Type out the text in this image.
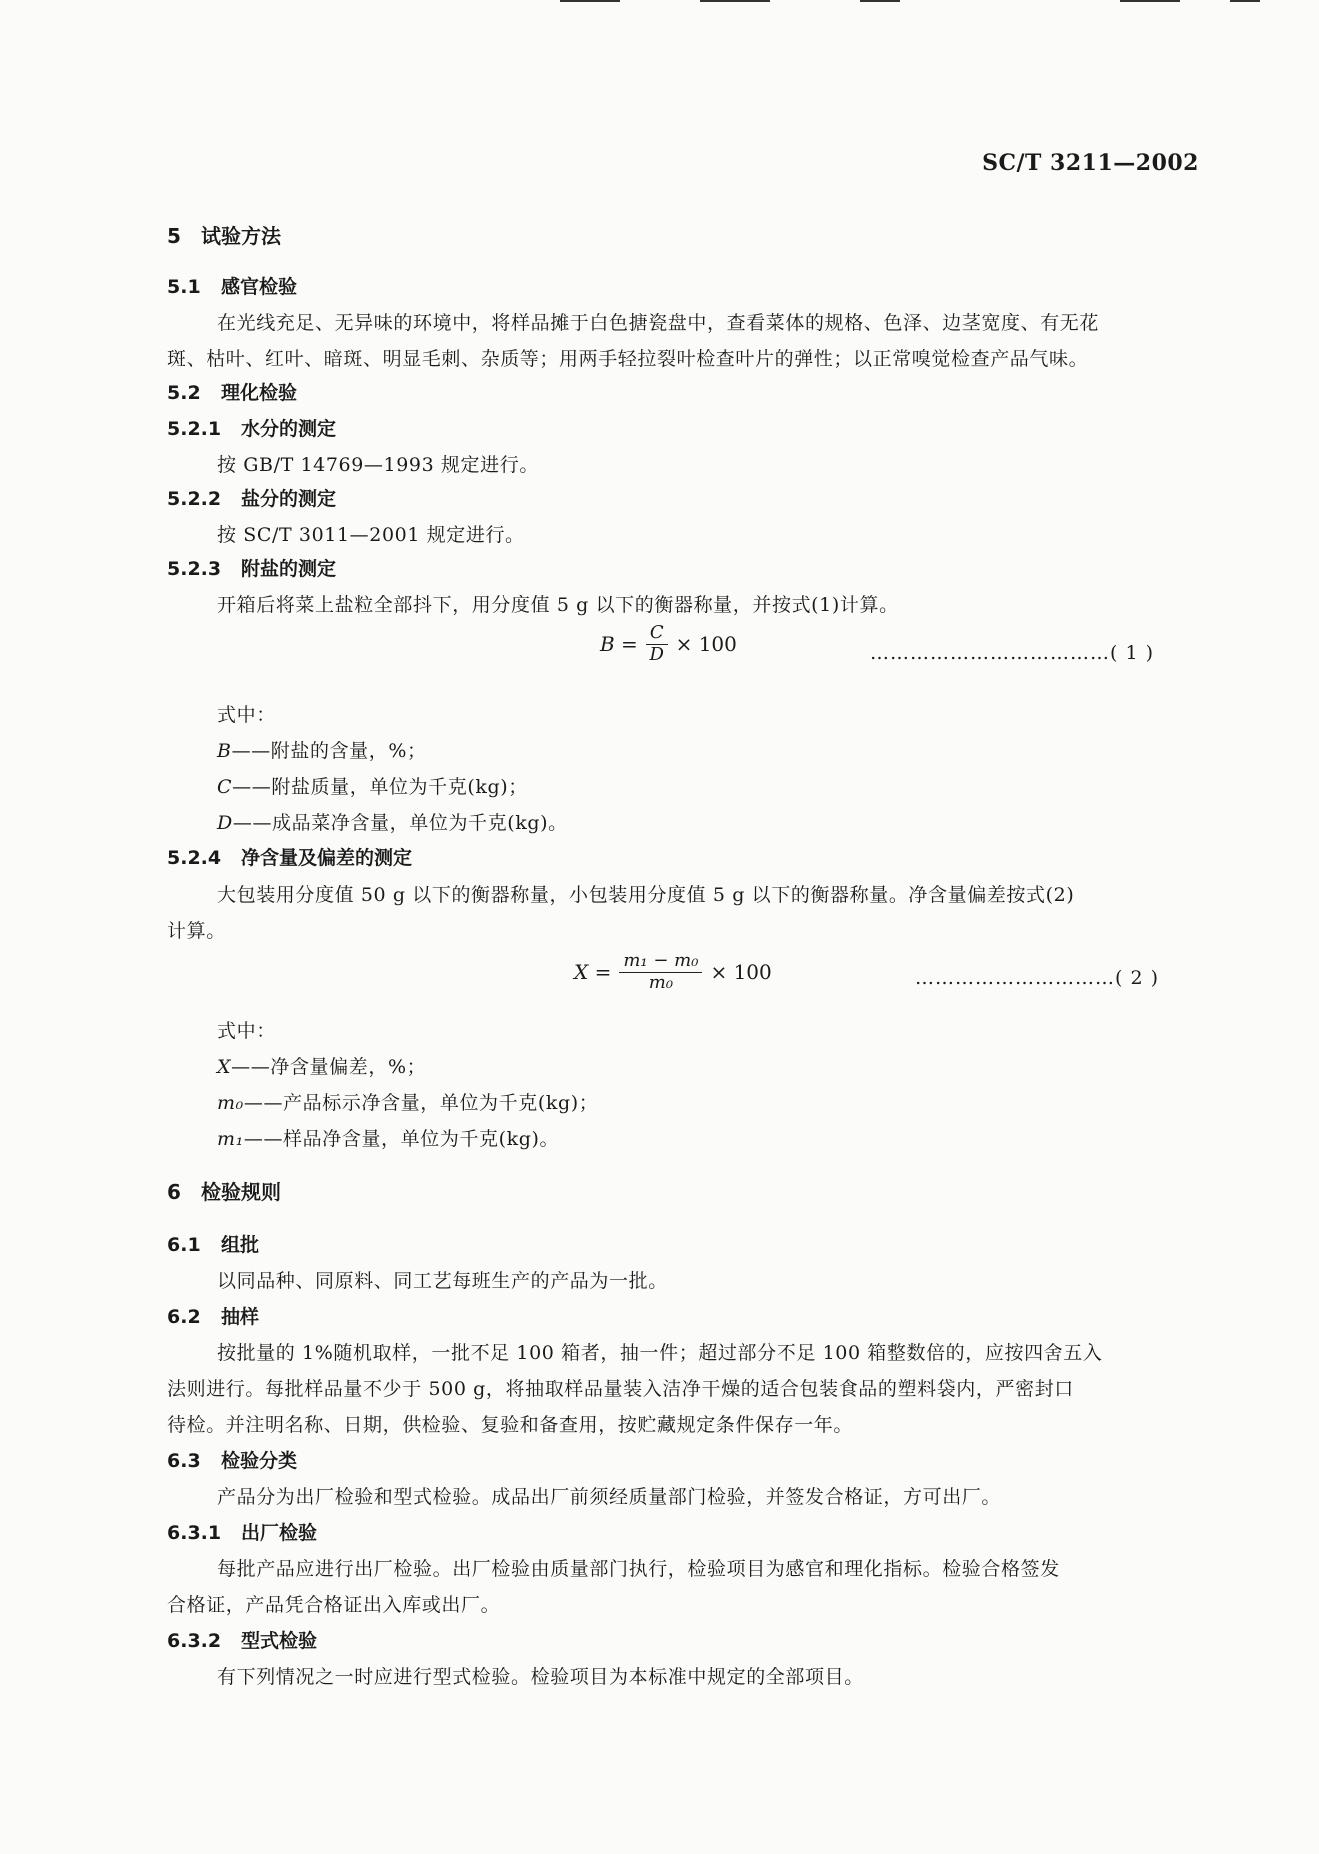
SC/T 3211—2002
5 试验方法
5.1 感官检验
在光线充足、无异味的环境中，将样品摊于白色搪瓷盘中，查看菜体的规格、色泽、边茎宽度、有无花
斑、枯叶、红叶、暗斑、明显毛刺、杂质等；用两手轻拉裂叶检查叶片的弹性；以正常嗅觉检查产品气味。
5.2 理化检验
5.2.1 水分的测定
按 GB/T 14769—1993 规定进行。
5.2.2 盐分的测定
按 SC/T 3011—2001 规定进行。
5.2.3 附盐的测定
开箱后将菜上盐粒全部抖下，用分度值 5 g 以下的衡器称量，并按式(1)计算。
$B = \frac{C}{D} \times 100$	………………………………( 1 )
式中：
B——附盐的含量，%；
C——附盐质量，单位为千克(kg)；
D——成品菜净含量，单位为千克(kg)。
5.2.4 净含量及偏差的测定
大包装用分度值 50 g 以下的衡器称量，小包装用分度值 5 g 以下的衡器称量。净含量偏差按式(2)
计算。
$X = \frac{\text{m₁ − m₀}}{\text{m₀}} \times 100$	…………………………( 2 )
式中：
X——净含量偏差，%；
m₀——产品标示净含量，单位为千克(kg)；
m₁——样品净含量，单位为千克(kg)。
6 检验规则
6.1 组批
以同品种、同原料、同工艺每班生产的产品为一批。
6.2 抽样
按批量的 1%随机取样，一批不足 100 箱者，抽一件；超过部分不足 100 箱整数倍的，应按四舍五入
法则进行。每批样品量不少于 500 g，将抽取样品量装入洁净干燥的适合包装食品的塑料袋内，严密封口
待检。并注明名称、日期，供检验、复验和备查用，按贮藏规定条件保存一年。
6.3 检验分类
产品分为出厂检验和型式检验。成品出厂前须经质量部门检验，并签发合格证，方可出厂。
6.3.1 出厂检验
每批产品应进行出厂检验。出厂检验由质量部门执行，检验项目为感官和理化指标。检验合格签发
合格证，产品凭合格证出入库或出厂。
6.3.2 型式检验
有下列情况之一时应进行型式检验。检验项目为本标准中规定的全部项目。
